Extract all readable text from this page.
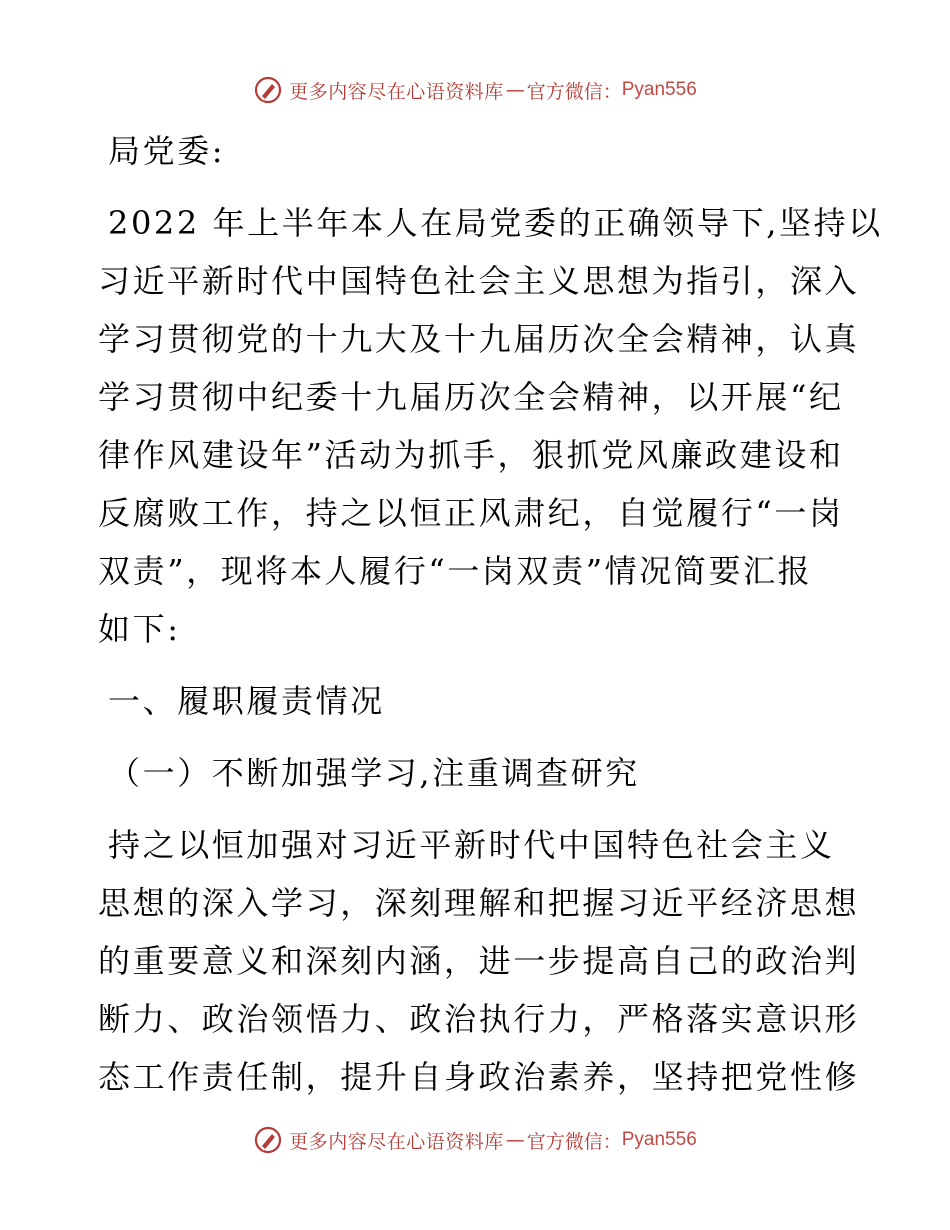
更多内容尽在心语资料库 — 官方微信： Pyan556

局党委:

2022 年上半年本人在局党委的正确领导下,坚持以

习近平新时代中国特色社会主义思想为指引，深入

学习贯彻党的十九大及十九届历次全会精神，认真

学习贯彻中纪委十九届历次全会精神，以开展“纪

律作风建设年”活动为抓手，狠抓党风廉政建设和

反腐败工作，持之以恒正风肃纪，自觉履行“一岗

双责”，现将本人履行“一岗双责”情况简要汇报

如下:

一、履职履责情况

（一）不断加强学习,注重调查研究

持之以恒加强对习近平新时代中国特色社会主义

思想的深入学习，深刻理解和把握习近平经济思想

的重要意义和深刻内涵，进一步提高自己的政治判

断力、政治领悟力、政治执行力，严格落实意识形

态工作责任制，提升自身政治素养，坚持把党性修

更多内容尽在心语资料库 — 官方微信： Pyan556
